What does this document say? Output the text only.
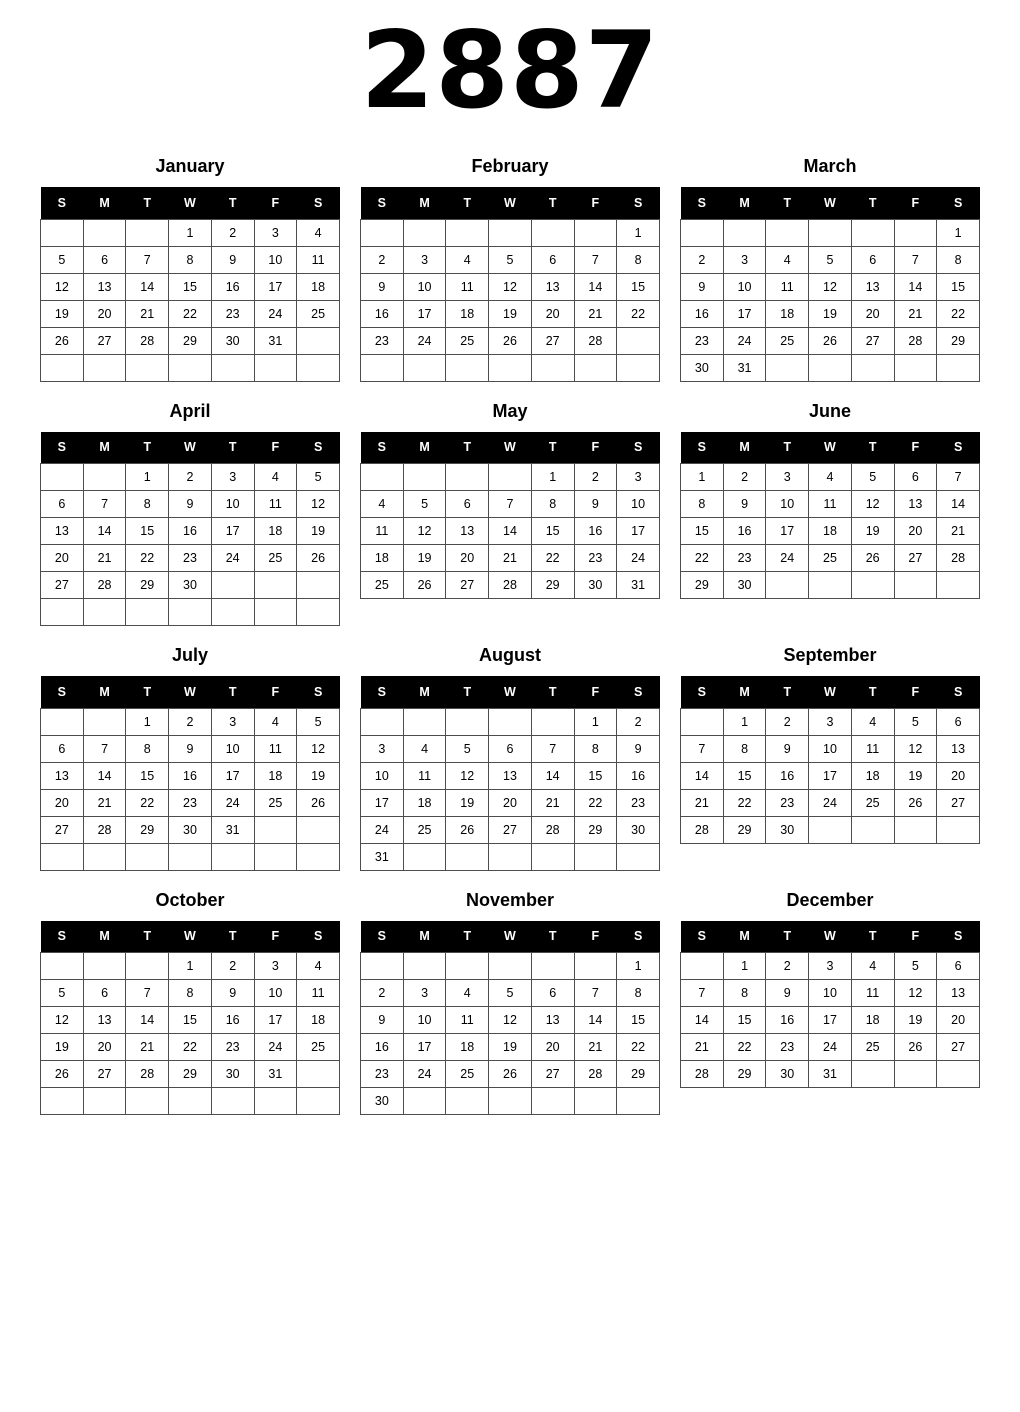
2887
January
S	M	T	W	T	F	S
			1	2	3	4
5	6	7	8	9	10	11
12	13	14	15	16	17	18
19	20	21	22	23	24	25
26	27	28	29	30	31	

February
S	M	T	W	T	F	S
						1
2	3	4	5	6	7	8
9	10	11	12	13	14	15
16	17	18	19	20	21	22
23	24	25	26	27	28	

March
S	M	T	W	T	F	S
						1
2	3	4	5	6	7	8
9	10	11	12	13	14	15
16	17	18	19	20	21	22
23	24	25	26	27	28	29
30	31					
April
S	M	T	W	T	F	S
		1	2	3	4	5
6	7	8	9	10	11	12
13	14	15	16	17	18	19
20	21	22	23	24	25	26
27	28	29	30			

May
S	M	T	W	T	F	S
				1	2	3
4	5	6	7	8	9	10
11	12	13	14	15	16	17
18	19	20	21	22	23	24
25	26	27	28	29	30	31
June
S	M	T	W	T	F	S
1	2	3	4	5	6	7
8	9	10	11	12	13	14
15	16	17	18	19	20	21
22	23	24	25	26	27	28
29	30					
July
S	M	T	W	T	F	S
		1	2	3	4	5
6	7	8	9	10	11	12
13	14	15	16	17	18	19
20	21	22	23	24	25	26
27	28	29	30	31		

August
S	M	T	W	T	F	S
					1	2
3	4	5	6	7	8	9
10	11	12	13	14	15	16
17	18	19	20	21	22	23
24	25	26	27	28	29	30
31						
September
S	M	T	W	T	F	S
	1	2	3	4	5	6
7	8	9	10	11	12	13
14	15	16	17	18	19	20
21	22	23	24	25	26	27
28	29	30				
October
S	M	T	W	T	F	S
			1	2	3	4
5	6	7	8	9	10	11
12	13	14	15	16	17	18
19	20	21	22	23	24	25
26	27	28	29	30	31	

November
S	M	T	W	T	F	S
						1
2	3	4	5	6	7	8
9	10	11	12	13	14	15
16	17	18	19	20	21	22
23	24	25	26	27	28	29
30						
December
S	M	T	W	T	F	S
	1	2	3	4	5	6
7	8	9	10	11	12	13
14	15	16	17	18	19	20
21	22	23	24	25	26	27
28	29	30	31			
